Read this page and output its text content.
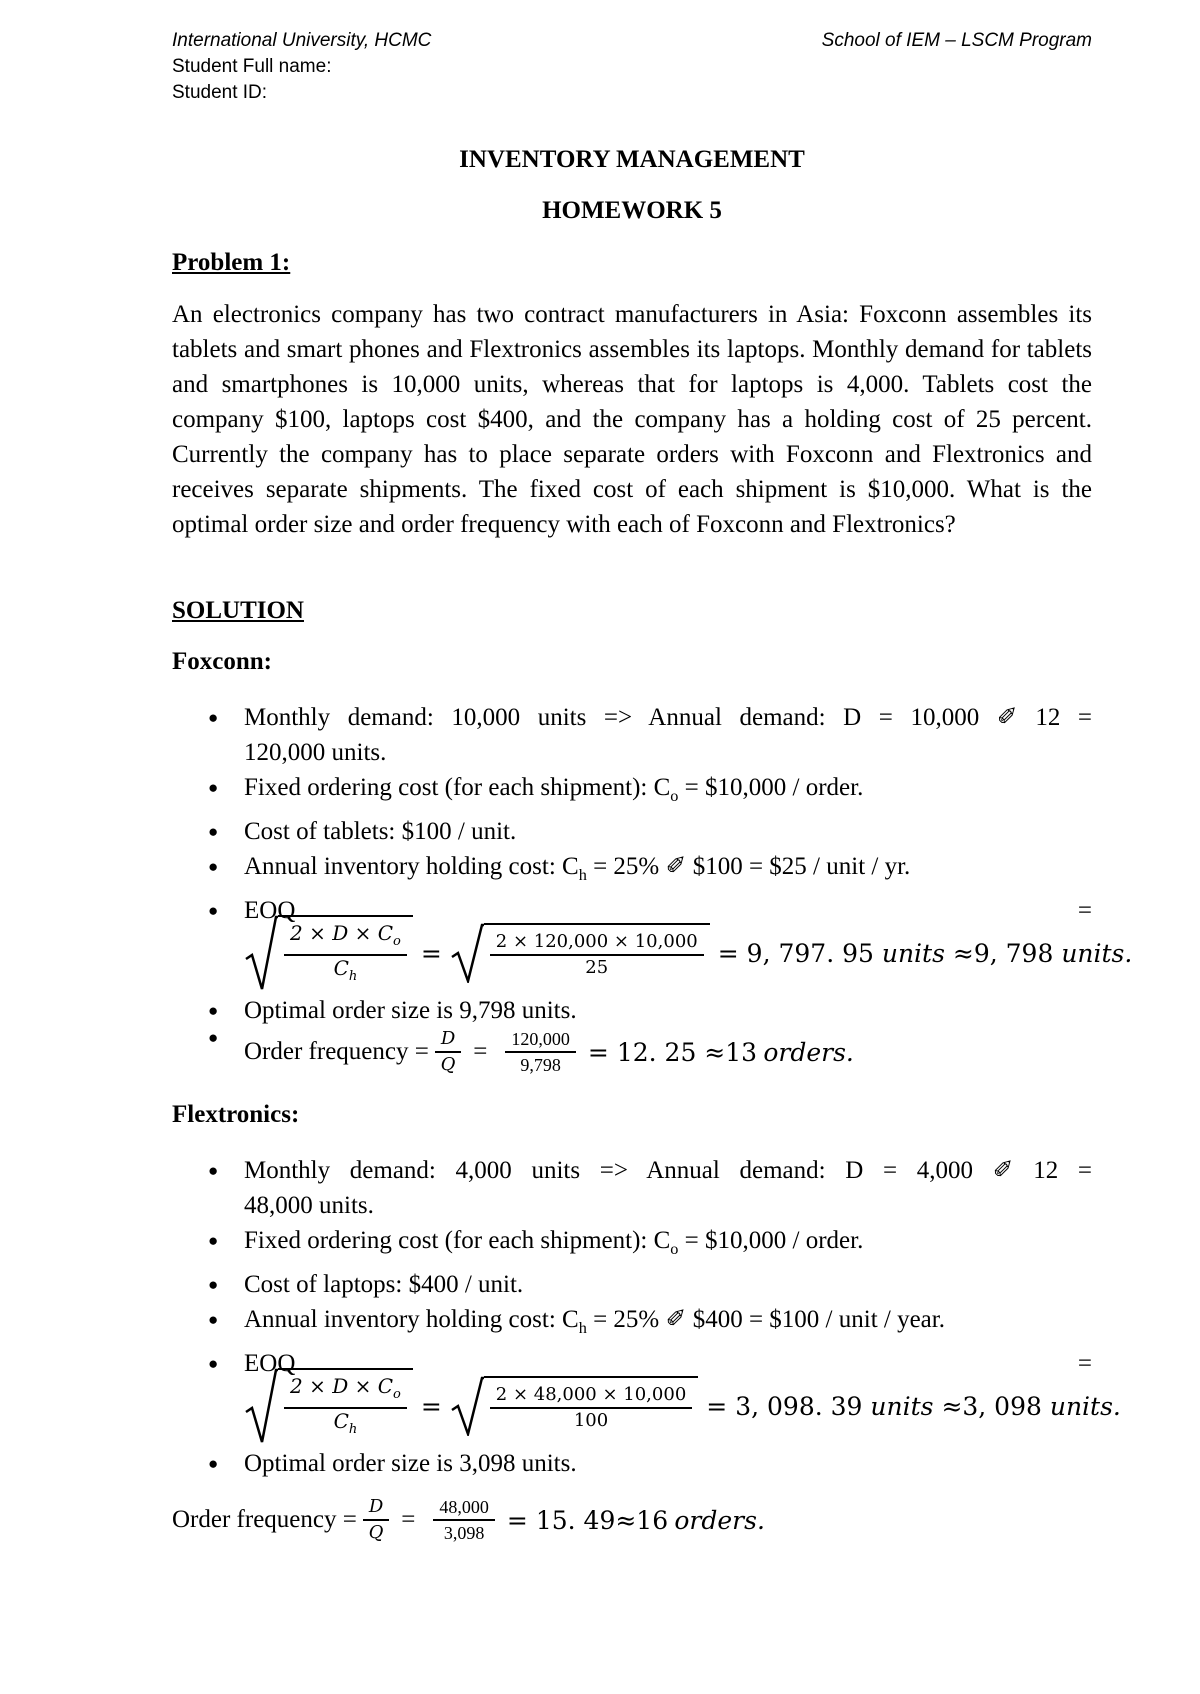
International University, HCMC	School of IEM – LSCM Program
Student Full name:
Student ID:
INVENTORY MANAGEMENT
HOMEWORK 5
Problem 1:
An electronics company has two contract manufacturers in Asia: Foxconn assembles its tablets and smart phones and Flextronics assembles its laptops. Monthly demand for tablets and smartphones is 10,000 units, whereas that for laptops is 4,000. Tablets cost the company $100, laptops cost $400, and the company has a holding cost of 25 percent. Currently the company has to place separate orders with Foxconn and Flextronics and receives separate shipments. The fixed cost of each shipment is $10,000. What is the optimal order size and order frequency with each of Foxconn and Flextronics?
SOLUTION
Foxconn:
● Monthly demand: 10,000 units => Annual demand: D = 10,000 ✐ 12 =
120,000 units.
● Fixed ordering cost (for each shipment): $C_o$ = $10,000 / order.
● Cost of tablets: $100 / unit.
● Annual inventory holding cost: $C_h = 25\%$ ✐ $100 = $25 / unit / yr.
● EOQ	=
$\frac{2 \times D \times C_o}{C_h}$ =	$\frac{2 \times 120,000 \times 10,000}{25} = 9$, 797. 95
units
≈9, 798
units.
● Optimal order size is 9,798 units.
● Order frequency = $\frac{D}{Q} = \frac{120,000}{9,798} = 12$. 25 ≈13
orders.
Flextronics:
● Monthly demand: 4,000 units => Annual demand: D = 4,000 ✐ 12 =
48,000 units.
● Fixed ordering cost (for each shipment): $C_o$ = $10,000 / order.
● Cost of laptops: $400 / unit.
● Annual inventory holding cost: $C_h = 25\%$ ✐ $400 = $100 / unit / year.
● EOQ	=
$\frac{2 \times D \times C_o}{C_h}$ =	$\frac{2 \times 48,000 \times 10,000}{100} = 3$, 098. 39
units
≈3, 098
units.
● Optimal order size is 3,098 units.
Order frequency = $\frac{D}{Q} = \frac{48,000}{3,098} = 15$. 49≈16
orders.
